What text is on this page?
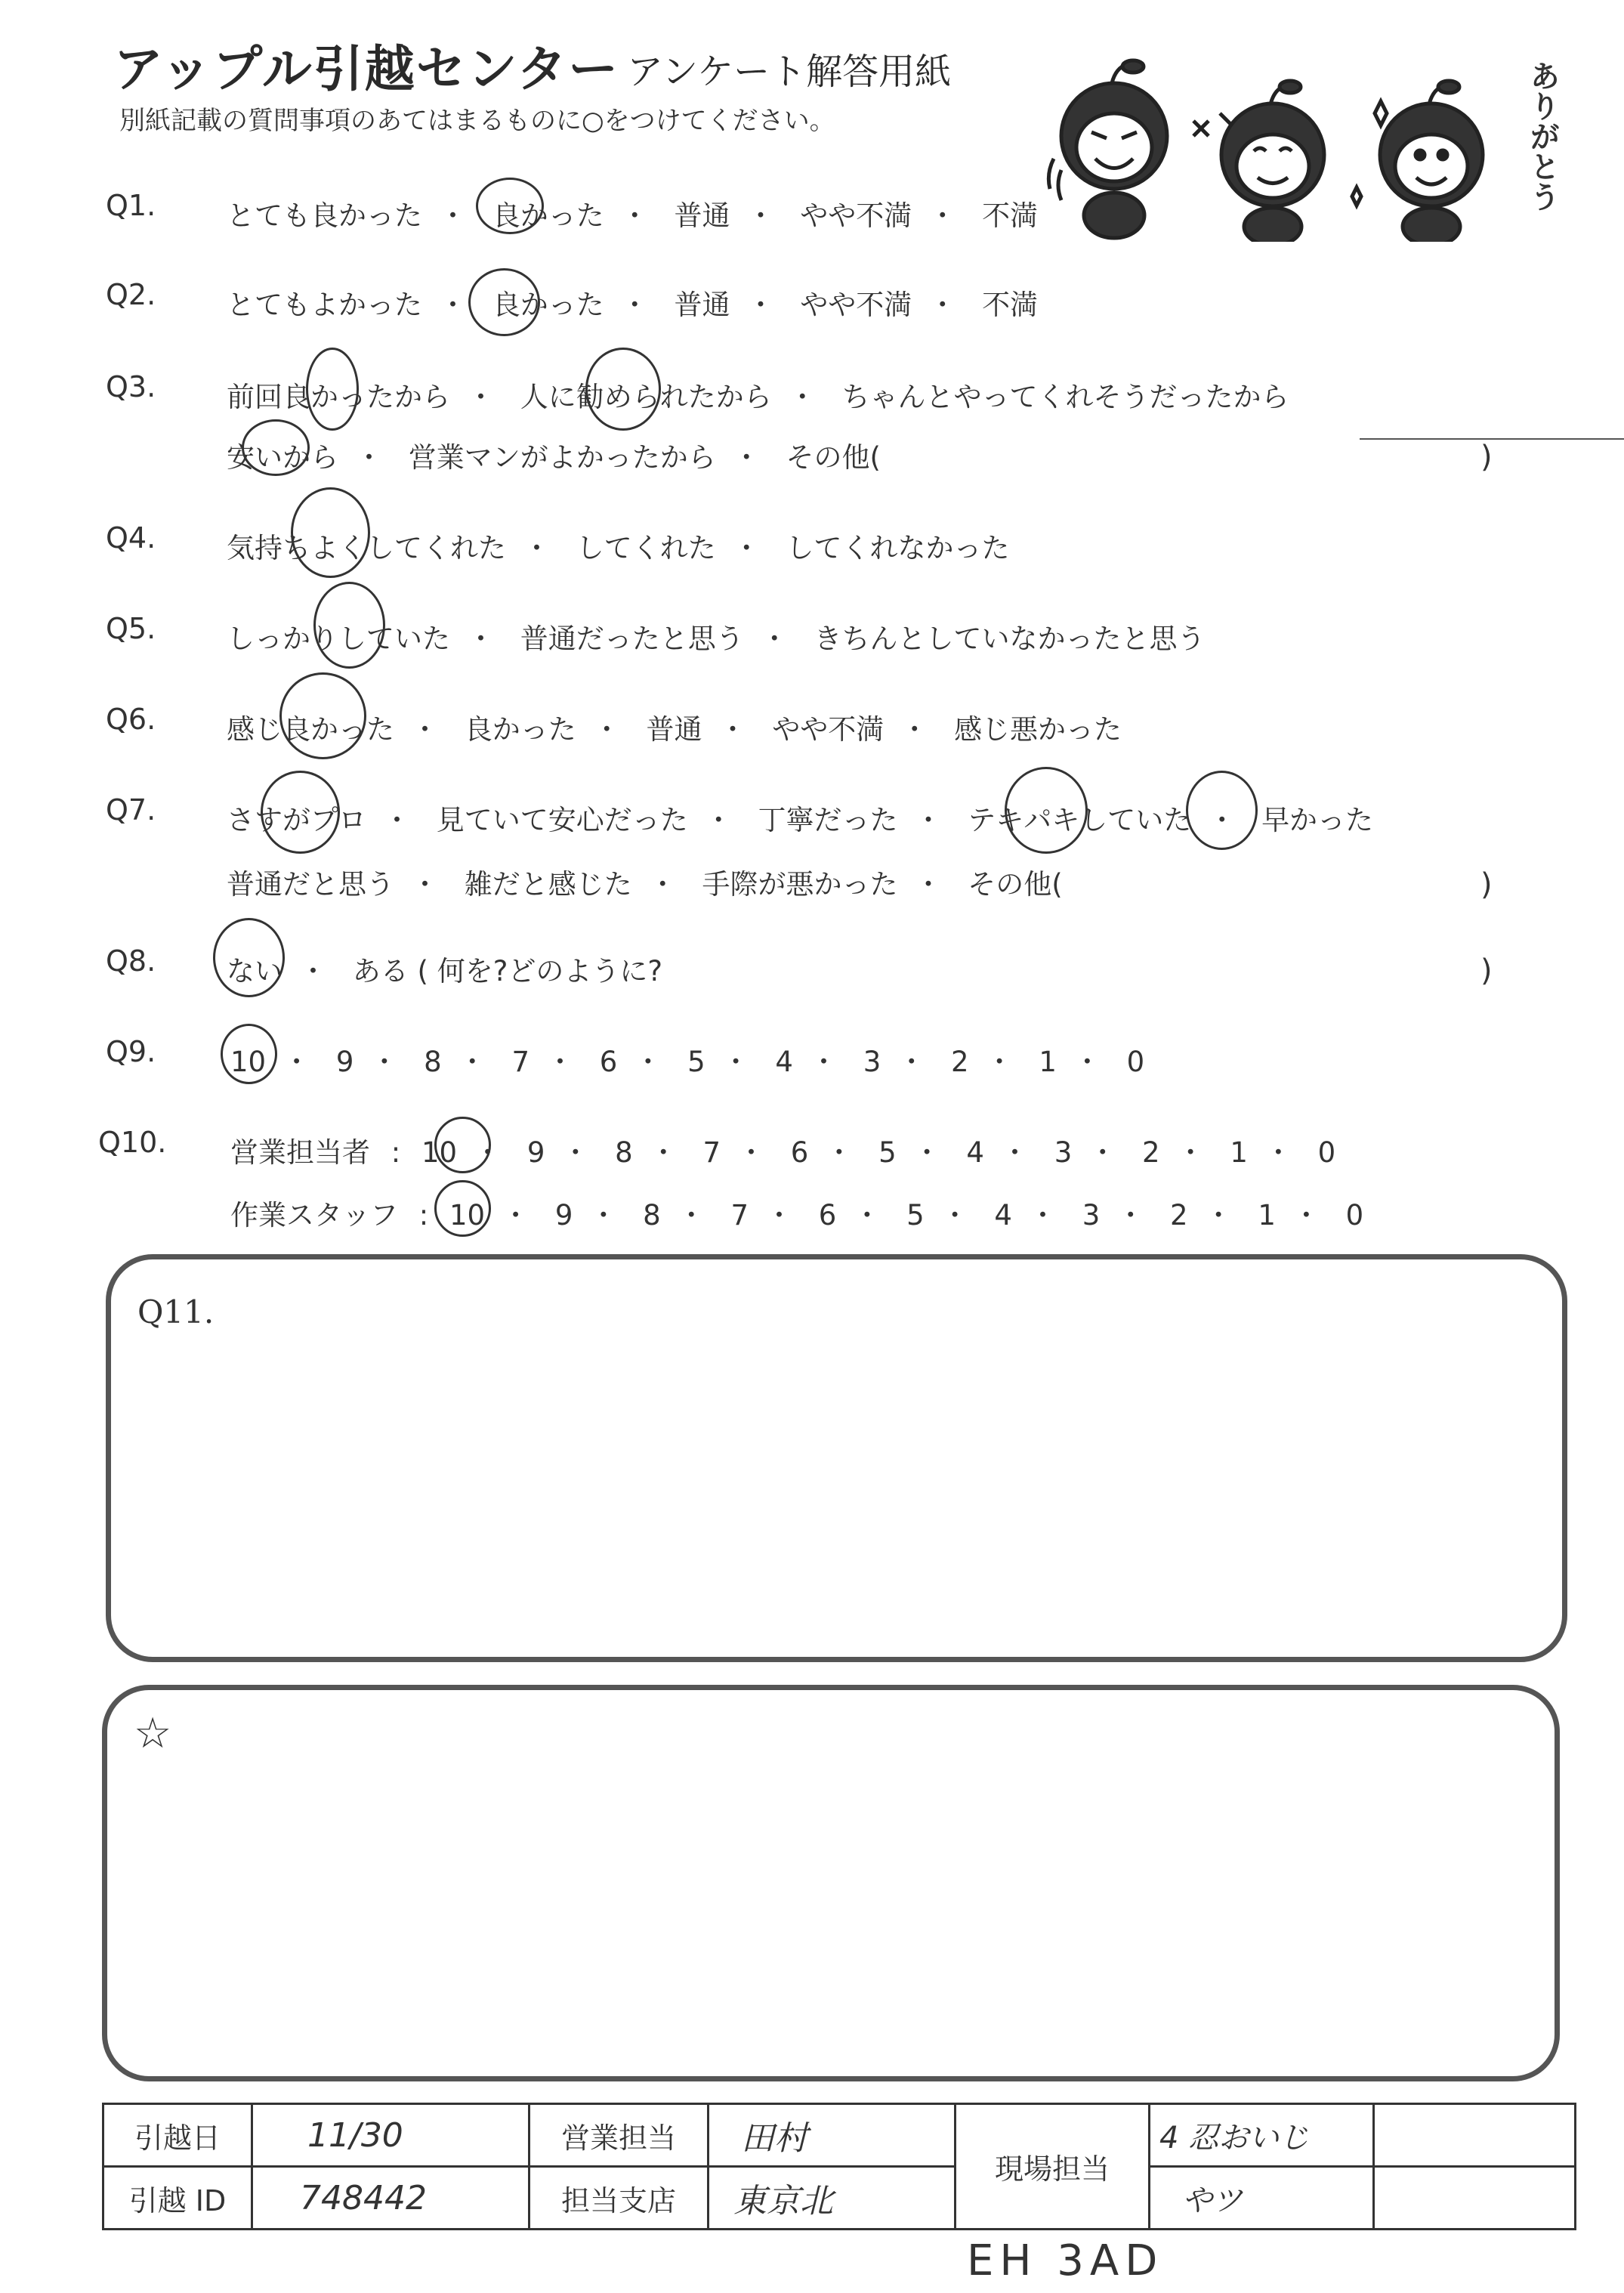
アップル引越センター アンケート解答用紙
別紙記載の質問事項のあてはまるものに○をつけてください。	ありがとう
Q1.	とても良かった ・ 良かった ・ 普通 ・ やや不満 ・ 不満
Q2.	とてもよかった ・ 良かった ・ 普通 ・ やや不満 ・ 不満
Q3.	前回良かったから ・ 人に勧められたから ・ ちゃんとやってくれそうだったから
安いから ・ 営業マンがよかったから ・ その他(	)
Q4.	気持ちよくしてくれた ・ してくれた ・ してくれなかった
Q5.	しっかりしていた ・ 普通だったと思う ・ きちんとしていなかったと思う
Q6.	感じ良かった ・ 良かった ・ 普通 ・ やや不満 ・ 感じ悪かった
Q7.	さすがプロ ・ 見ていて安心だった ・ 丁寧だった ・ テキパキしていた ・ 早かった
普通だと思う ・ 雑だと感じた ・ 手際が悪かった ・ その他(	)
Q8.	ない ・ ある ( 何を?どのように?	)
Q9.	10 ・ 9 ・ 8 ・ 7 ・ 6 ・ 5 ・ 4 ・ 3 ・ 2 ・ 1 ・ 0
Q10. 営業担当者 : 10 ・ 9 ・ 8 ・ 7 ・ 6 ・ 5 ・ 4 ・ 3 ・ 2 ・ 1 ・ 0
作業スタッフ : 10 ・ 9 ・ 8 ・ 7 ・ 6 ・ 5 ・ 4 ・ 3 ・ 2 ・ 1 ・ 0
Q11.
☆
引越日	11/30	営業担当	田村	現場担当	4 忍おいじ	
引越 ID	748442	担当支店	東京北		やツ	
EH 3AD
